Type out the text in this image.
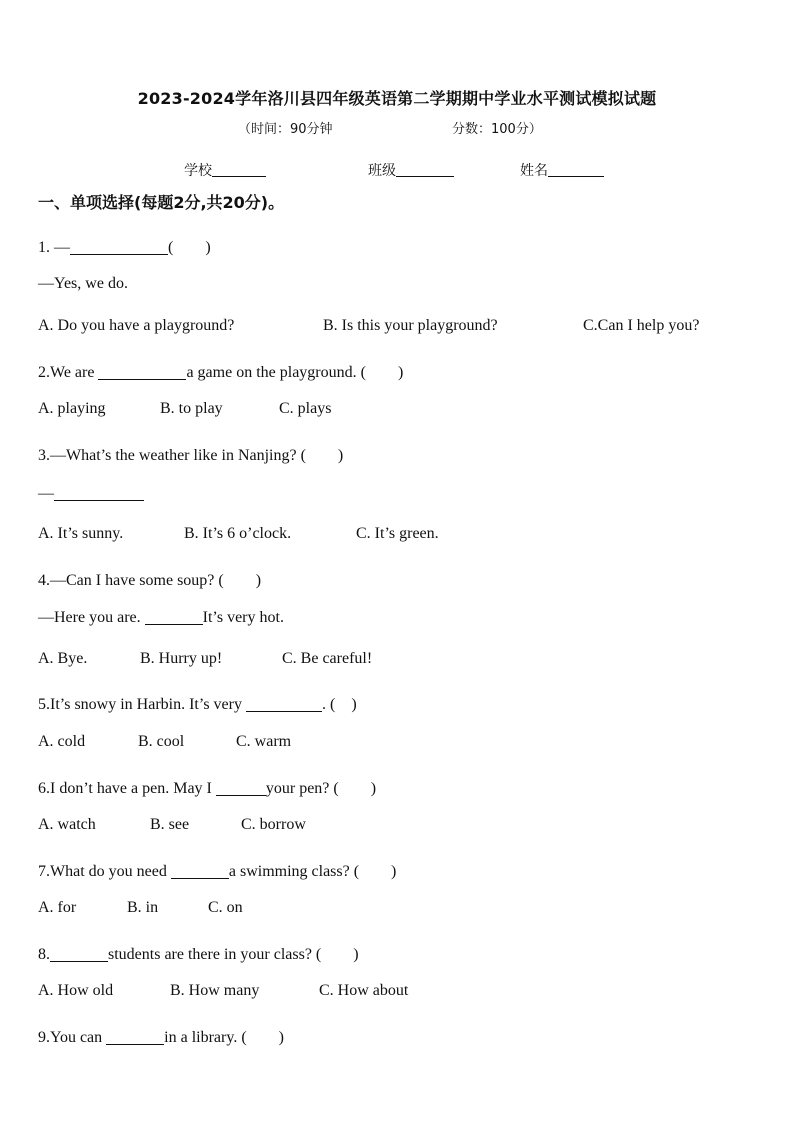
2023-2024学年洛川县四年级英语第二学期期中学业水平测试模拟试题
（时间：90分钟	分数：100分）
学校	班级	姓名
一、单项选择(每题2分,共20分)。
1. —	(　　)
—Yes, we do.
A. Do you have a playground?	B. Is this your playground?	C.Can I help you?
2.We are	a game on the playground. (　　)
A. playing	B. to play	C. plays
3.—What’s the weather like in Nanjing? (　　)
—
A. It’s sunny.	B. It’s 6 o’clock.	C. It’s green.
4.—Can I have some soup? (　　)
—Here you are.	It’s very hot.
A. Bye.	B. Hurry up!	C. Be careful!
5.It’s snowy in Harbin. It’s very	. (　)
A. cold	B. cool	C. warm
6.I don’t have a pen. May I	your pen? (　　)
A. watch	B. see	C. borrow
7.What do you need	a swimming class? (　　)
A. for	B. in	C. on
8.	students are there in your class? (　　)
A. How old	B. How many	C. How about
9.You can	in a library. (　　)
